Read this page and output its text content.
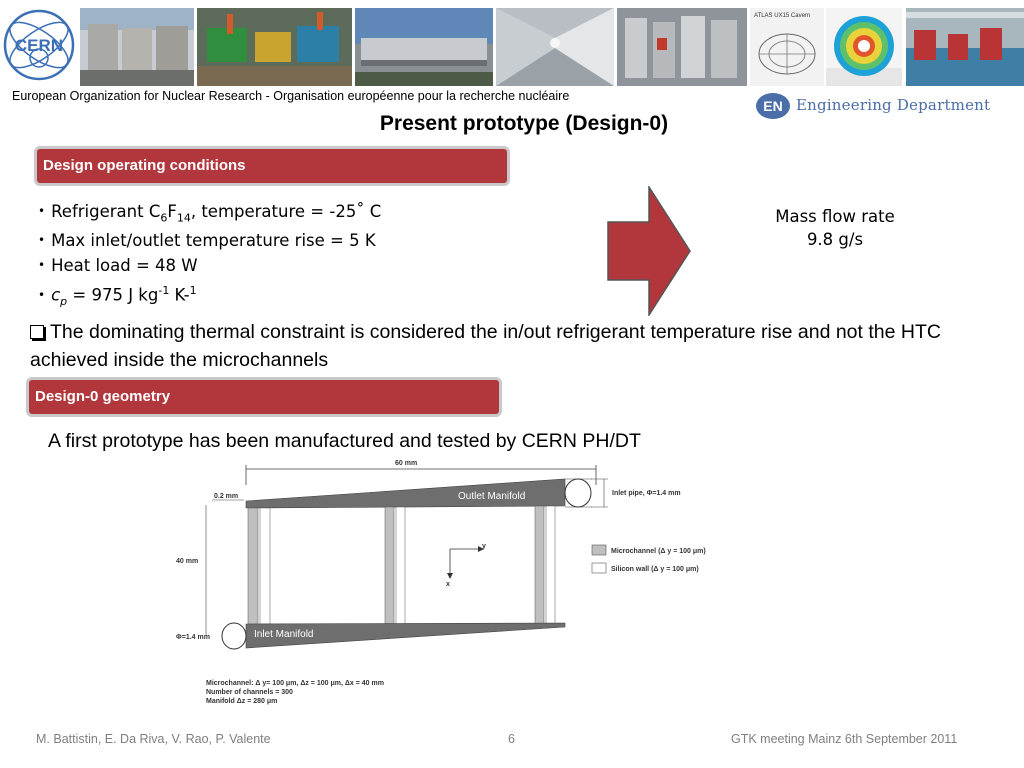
CERN
ATLAS UX15 Cavern
European Organization for Nuclear Research - Organisation européenne pour la recherche nucléaire
EN Engineering Department
Present prototype (Design-0)
Design operating conditions
• Refrigerant $C_6F_{14}$, temperature = -25˚ C
• Max inlet/outlet temperature rise = 5 K
• Heat load = 48 W
• $c_p = 975$ J $kg^{-1}$ K-$^1$
Mass flow rate
9.8 g/s
The dominating thermal constraint is considered the in/out refrigerant temperature rise and not the HTC achieved inside the microchannels
Design-0 geometry
A first prototype has been manufactured and tested by CERN PH/DT
60 mm
0.2 mm
40 mm
Outlet Manifold	Inlet pipe, Φ=1.4 mm
Inlet Manifold
Φ=1.4 mm
y
x
Microchannel (Δ y = 100 μm)
Silicon wall (Δ y = 100 μm)
Microchannel: Δ y= 100 μm, Δz = 100 μm, Δx = 40 mm
Number of channels = 300
Manifold Δz = 280 μm
M. Battistin, E. Da Riva, V. Rao, P. Valente	6	GTK meeting Mainz 6th September 2011
